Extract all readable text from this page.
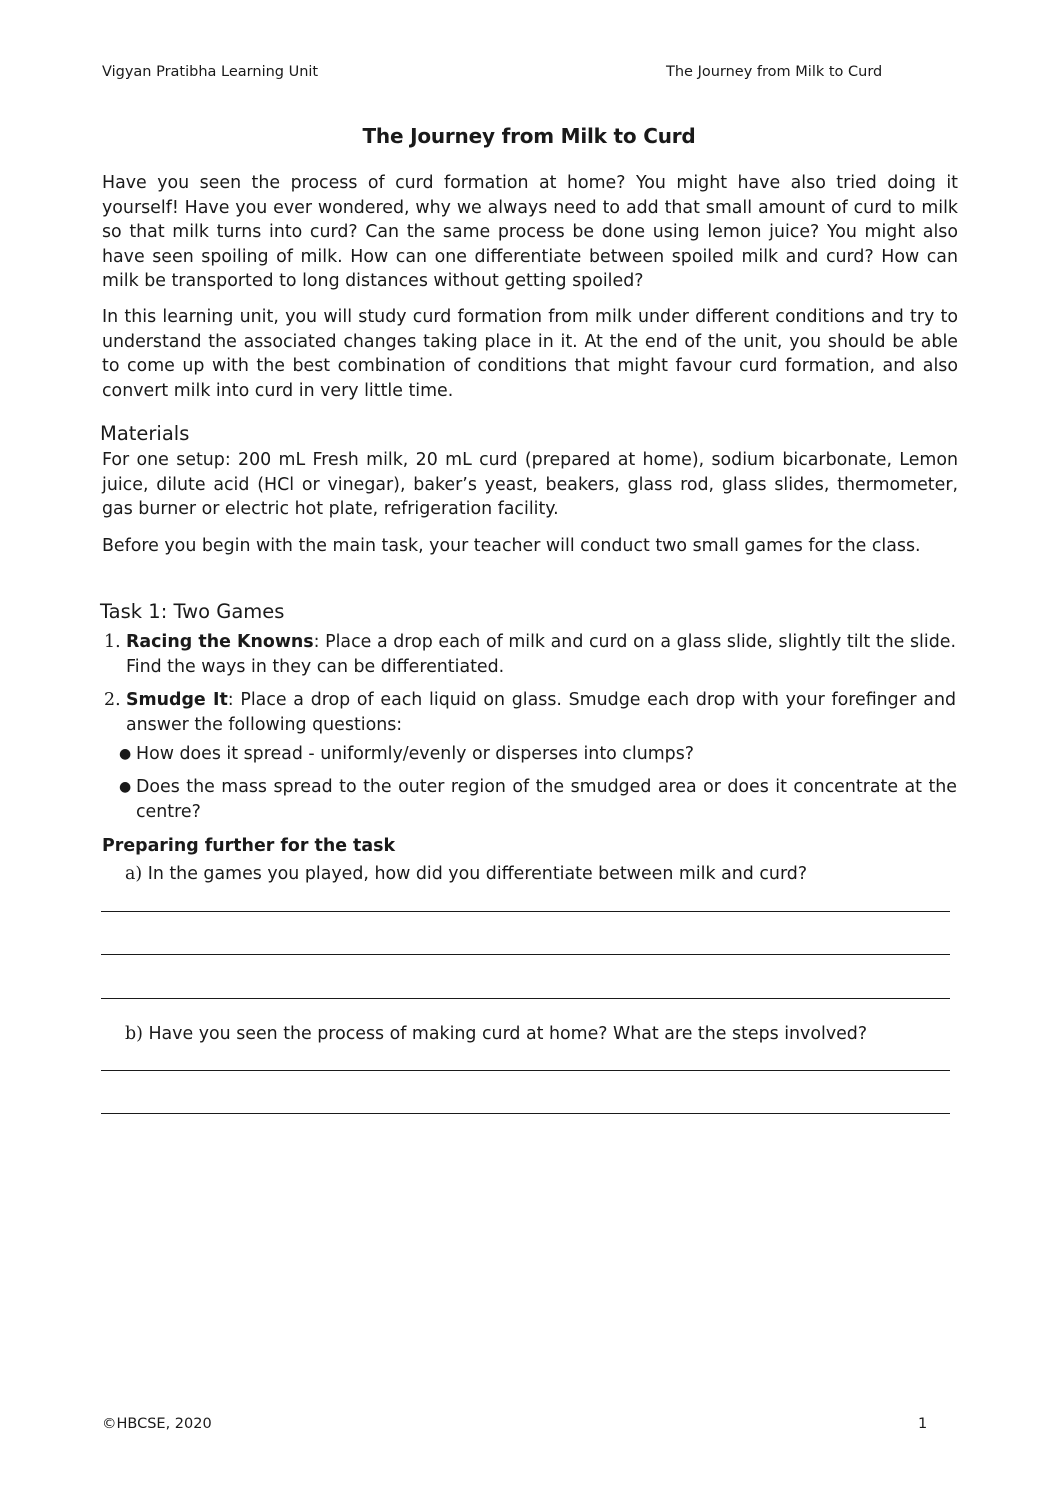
Vigyan Pratibha Learning Unit	The Journey from Milk to Curd
The Journey from Milk to Curd
Have you seen the process of curd formation at home? You might have also tried doing it yourself! Have you ever wondered, why we always need to add that small amount of curd to milk so that milk turns into curd? Can the same process be done using lemon juice? You might also have seen spoiling of milk. How can one differentiate between spoiled milk and curd? How can milk be transported to long distances without getting spoiled?
In this learning unit, you will study curd formation from milk under different conditions and try to understand the associated changes taking place in it. At the end of the unit, you should be able to come up with the best combination of conditions that might favour curd formation, and also convert milk into curd in very little time.
Materials
For one setup: 200 mL Fresh milk, 20 mL curd (prepared at home), sodium bicarbonate, Lemon juice, dilute acid (HCl or vinegar), baker’s yeast, beakers, glass rod, glass slides, thermometer, gas burner or electric hot plate, refrigeration facility.
Before you begin with the main task, your teacher will conduct two small games for the class.
Task 1: Two Games
1. Racing the Knowns: Place a drop each of milk and curd on a glass slide, slightly tilt the slide. Find the ways in they can be differentiated.
2. Smudge It: Place a drop of each liquid on glass. Smudge each drop with your forefinger and answer the following questions:
● How does it spread - uniformly/evenly or disperses into clumps?
● Does the mass spread to the outer region of the smudged area or does it concentrate at the centre?
Preparing further for the task
a) In the games you played, how did you differentiate between milk and curd?
b) Have you seen the process of making curd at home? What are the steps involved?
©HBCSE, 2020	1
